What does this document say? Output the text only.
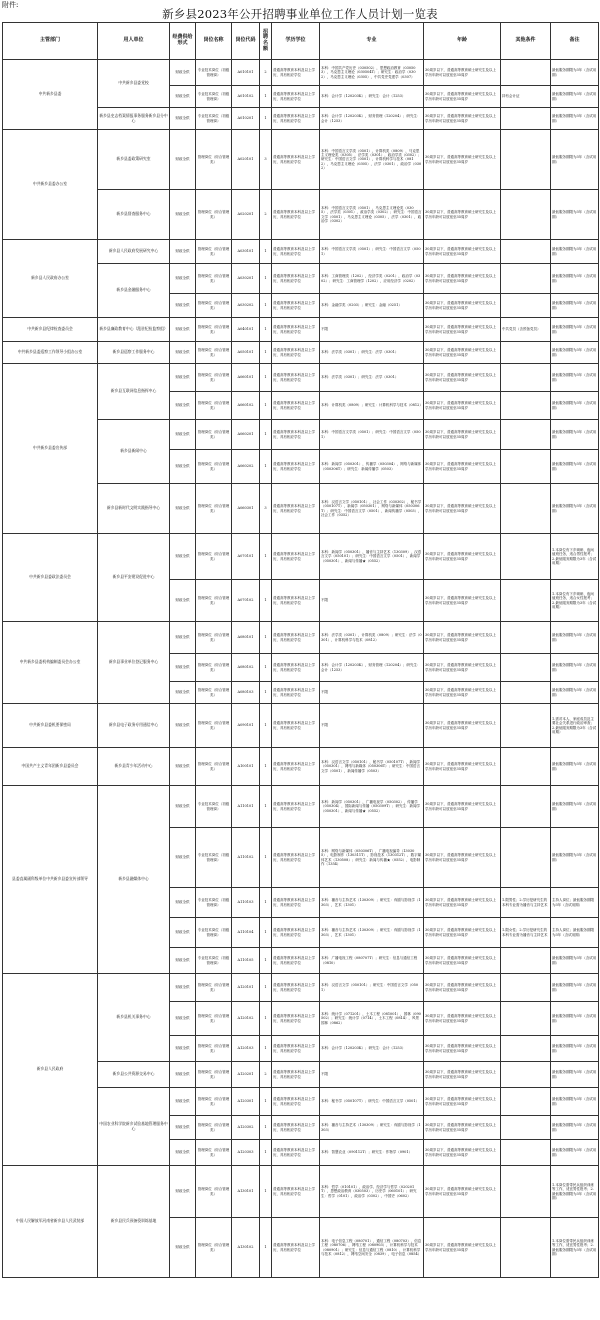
附件:
新乡县2023年公开招聘事业单位工作人员计划一览表
主管部门	用人单位	经费供给形式	岗位名称	岗位代码	招聘名额	学历学位	专业	年龄	其他条件	备注
中共新乡县委	中共新乡县委党校	财政全供	专业技术岗位（初级管理岗）	A010101	2	普通高等教育本科及以上学历，具有相应学位	本科：中国共产党历史（030502），思想政治教育（030503），马克思主义理论（030504T）；研究生：政治学（0302），马克思主义理论（0305），中共党史党建学（0307）	30周岁以下，普通高等教育硕士研究生及以上学历年龄可以放宽至35周岁		最低服务期限为3年（含试用期）
		财政全供	专业技术岗位（初级管理岗）	A010102	1	普通高等教育本科及以上学历，具有相应学位	本科：会计学（120203K）；研究生：会计（1253）	30周岁以下，普通高等教育硕士研究生及以上学历年龄可以放宽至35周岁	持有会计证	最低服务期限为3年（含试用期）
	新乡县史志档案情报事务服务新乡县分中心	财政全供	专业技术岗位（初级管理岗）	A010201	1	普通高等教育本科及以上学历，具有相应学位	本科：会计学（120203K），财务管理（120204）；研究生：会计（1253）	30周岁以下，普通高等教育硕士研究生及以上学历年龄可以放宽至35周岁		最低服务期限为3年（含试用期）
中共新乡县委办公室	新乡县委政策研究室	财政全供	管理岗位（综合管理类）	A020101	3	普通高等教育本科及以上学历，具有相应学位	本科：中国语言文学类（0501），计算机类（0809），马克思主义理论类（0305），法学类（0301），政治学类（0302）；研究生：中国语言文学（0501），计算机科学与技术（0812），马克思主义理论（0305），法学（0301），政治学（0302）	30周岁以下，普通高等教育硕士研究生及以上学历年龄可以放宽至35周岁		最低服务期限为3年（含试用期）
	新乡县督查服务中心	财政全供	管理岗位（综合管理类）	A020201	2	普通高等教育本科及以上学历，具有相应学位	本科：中国语言文学类（0501），马克思主义理论类（0305），法学类（0301），政治学类（0302）；研究生：中国语言文学（0501），马克思主义理论（0305），法学（0301），政治学（0302）	30周岁以下，普通高等教育硕士研究生及以上学历年龄可以放宽至35周岁		最低服务期限为3年（含试用期）
新乡县人民政府办公室	新乡县人民政府发展研究中心	财政全供	管理岗位（综合管理类）	A030101	1	普通高等教育本科及以上学历，具有相应学位	本科：中国语言文学类（0501）；研究生：中国语言文学（0501）	30周岁以下，普通高等教育硕士研究生及以上学历年龄可以放宽至35周岁		最低服务期限为3年（含试用期）
	新乡县金融服务中心	财政全供	管理岗位（综合管理类）	A030201	1	普通高等教育本科及以上学历，具有相应学位	本科：工商管理类（1202），经济学类（0201），政治学（0302）；研究生：工商管理学（1202），应用经济学（0202）	30周岁以下，普通高等教育硕士研究生及以上学历年龄可以放宽至35周岁		最低服务期限为3年（含试用期）
		财政全供	管理岗位（综合管理类）	A030202	1	普通高等教育本科及以上学历，具有相应学位	本科：金融学类（0203）；研究生：金融（0251）	30周岁以下，普通高等教育硕士研究生及以上学历年龄可以放宽至35周岁		最低服务期限为3年（含试用期）
中共新乡县纪律检查委员会	新乡县廉政教育中心（派驻纪检监察组）	财政全供	管理岗位（综合管理类）	A040101	1	普通高等教育本科及以上学历，具有相应学位	不限	30周岁以下，普通高等教育硕士研究生及以上学历年龄可以放宽至35周岁	中共党员（含预备党员）	最低服务期限为3年（含试用期）
中共新乡县委巡察工作领导小组办公室	新乡县巡察工作服务中心	财政全供	管理岗位（综合管理类）	A050101	1	普通高等教育本科及以上学历，具有相应学位	本科：法学类（0301）；研究生：法学（0301）	30周岁以下，普通高等教育硕士研究生及以上学历年龄可以放宽至35周岁		最低服务期限为3年（含试用期）
中共新乡县委宣传部	新乡县互联网信息指挥中心	财政全供	管理岗位（综合管理类）	A060101	1	普通高等教育本科及以上学历，具有相应学位	本科：法学类（0301）；研究生：法学（0301）	30周岁以下，普通高等教育硕士研究生及以上学历年龄可以放宽至35周岁		最低服务期限为3年（含试用期）
		财政全供	管理岗位（综合管理类）	A060102	1	普通高等教育本科及以上学历，具有相应学位	本科：计算机类（0809）；研究生：计算机科学与技术（0812）	30周岁以下，普通高等教育硕士研究生及以上学历年龄可以放宽至35周岁		最低服务期限为3年（含试用期）
	新乡县新闻中心	财政全供	管理岗位（综合管理类）	A060201	1	普通高等教育本科及以上学历，具有相应学位	本科：中国语言文学类（0501）；研究生：中国语言文学（0501）	30周岁以下，普通高等教育硕士研究生及以上学历年龄可以放宽至35周岁		最低服务期限为3年（含试用期）
		财政全供	管理岗位（综合管理类）	A060202	1	普通高等教育本科及以上学历，具有相应学位	本科：新闻学（050301），传播学（050304），网络与新媒体（050306T）；研究生：新闻传播学（0503）	30周岁以下，普通高等教育硕士研究生及以上学历年龄可以放宽至35周岁		最低服务期限为3年（含试用期）
	新乡县新时代文明实践指导中心	财政全供	管理岗位（综合管理类）	A060301	3	普通高等教育本科及以上学历，具有相应学位	本科：汉语言文学（050101），社会工作（030302），秘书学（050107T），新闻学（050301），网络与新媒体（050306T）；研究生：中国语言文学（0501），新闻传播学（0503），社会工作（0352）	30周岁以下，普通高等教育硕士研究生及以上学历年龄可以放宽至35周岁		最低服务期限为3年（含试用期）
中共新乡县委政法委员会	新乡县平安建设促进中心	财政全供	管理岗位（综合管理类）	A070101	1	普通高等教育本科及以上学历，具有相应学位	本科：新闻学（050301），播音与主持艺术（130309），汉语言文学（050101）；研究生：中国语言文学（0501），新闻学（050301），新闻与传播★（0552）	30周岁以下，普通高等教育硕士研究生及以上学历年龄可以放宽至35周岁		1.本岗位有下乡调研、夜间值班任务，适合男性报考；2.最低服务期限为3年（含试用期）
		财政全供	管理岗位（综合管理类）	A070102	1	普通高等教育本科及以上学历，具有相应学位	不限	30周岁以下，普通高等教育硕士研究生及以上学历年龄可以放宽至35周岁		1.本岗位有下乡调研、夜间值班任务，适合女性报考；2.最低服务期限为3年（含试用期）
中共新乡县委机构编制委员会办公室	新乡县事业单位登记服务中心	财政全供	管理岗位（综合管理类）	A080101	1	普通高等教育本科及以上学历，具有相应学位	本科：法学类（0301），计算机类（0809）；研究生：法学（0301），计算机科学与技术（0812）	30周岁以下，普通高等教育硕士研究生及以上学历年龄可以放宽至35周岁		最低服务期限为3年（含试用期）
		财政全供	管理岗位（综合管理类）	A080102	1	普通高等教育本科及以上学历，具有相应学位	本科：会计学（120203K），财务管理（120204）；研究生：会计（1253）	30周岁以下，普通高等教育硕士研究生及以上学历年龄可以放宽至35周岁		最低服务期限为3年（含试用期）
		财政全供	管理岗位（综合管理类）	A080103	1	普通高等教育本科及以上学历，具有相应学位	不限	30周岁以下，普通高等教育硕士研究生及以上学历年龄可以放宽至35周岁		最低服务期限为3年（含试用期）
中共新乡县委机要保密局	新乡县电子政务专用通信中心	财政全供	管理岗位（综合管理类）	A090101	1	普通高等教育本科及以上学历，具有相应学位	不限	30周岁以下，普通高等教育硕士研究生及以上学历年龄可以放宽至35周岁		1.需对本人、家庭成员及主要社会关系进行政治审查；2.最低服务期限为3年（含试用期）
中国共产主义青年团新乡县委员会	新乡县青少年活动中心	财政全供	管理岗位（综合管理类）	A100101	1	普通高等教育本科及以上学历，具有相应学位	本科：汉语言文学（050101），秘书学（050107T），新闻学（050301），网络与新媒体（050306T）；研究生：中国语言文学（0501），新闻传播学（0503）	30周岁以下，普通高等教育硕士研究生及以上学历年龄可以放宽至35周岁		最低服务期限为3年（含试用期）
县委直属副科级单位中共新乡县委宣传部领导	新乡县融媒体中心	财政全供	专业技术岗位（初级管理岗）	A110101	1	普通高等教育本科及以上学历，具有相应学位	本科：新闻学（050301），广播电视学（050302），传播学（050304），国际新闻与传播（050309T）；研究生：新闻学（050301），新闻与传播★（0552）	30周岁以下，普通高等教育硕士研究生及以上学历年龄可以放宽至35周岁		最低服务期限为3年（含试用期）
		财政全供	专业技术岗位（初级管理岗）	A110102	1	普通高等教育本科及以上学历，具有相应学位	本科：网络与新媒体（050306T），广播电视编导（130305），电影制作（130311T），影视技术（130312T），数字媒体艺术（130508）；研究生：新闻与传播★（0552），电影制作（1354）	30周岁以下，普通高等教育硕士研究生及以上学历年龄可以放宽至35周岁		最低服务期限为3年（含试用期）
		财政全供	专业技术岗位（初级管理岗）	A110103	1	普通高等教育本科及以上学历，具有相应学位	本科：播音与主持艺术（130309）；研究生：戏剧与影视学（1303），艺术（1301）	30周岁以下，普通高等教育硕士研究生及以上学历年龄可以放宽至35周岁	1.限男性；2.学历是研究生的本科专业需为播音与主持艺术	主持人岗位；最低服务期限为3年（含试用期）
		财政全供	专业技术岗位（初级管理岗）	A110104	1	普通高等教育本科及以上学历，具有相应学位	本科：播音与主持艺术（130309）；研究生：戏剧与影视学（1303），艺术（1301）	30周岁以下，普通高等教育硕士研究生及以上学历年龄可以放宽至35周岁	1.限女性；2.学历是研究生的本科专业需为播音与主持艺术	主持人岗位；最低服务期限为3年（含试用期）
		财政全供	专业技术岗位（初级管理岗）	A110105	1	普通高等教育本科及以上学历，具有相应学位	本科：广播电视工程（080707T）；研究生：信息与通信工程（0810）	30周岁以下，普通高等教育硕士研究生及以上学历年龄可以放宽至35周岁		最低服务期限为3年（含试用期）
新乡县人民政府	新乡县机关事务中心	财政全供	管理岗位（综合管理类）	A120101	1	普通高等教育本科及以上学历，具有相应学位	本科：汉语言文学（050101）；研究生：中国语言文学（0501）	30周岁以下，普通高等教育硕士研究生及以上学历年龄可以放宽至35周岁		最低服务期限为3年（含试用期）
		财政全供	管理岗位（综合管理类）	A120102	1	普通高等教育本科及以上学历，具有相应学位	本科：统计学（071201），土木工程（081001），园林（090502）；研究生：统计学（0714），土木工程（0814），风景园林（0862）	30周岁以下，普通高等教育硕士研究生及以上学历年龄可以放宽至35周岁		最低服务期限为3年（含试用期）
		财政全供	管理岗位（综合管理类）	A120103	1	普通高等教育本科及以上学历，具有相应学位	本科：会计学（120203K）；研究生：会计（1253）	30周岁以下，普通高等教育硕士研究生及以上学历年龄可以放宽至35周岁		最低服务期限为3年（含试用期）
	新乡县公共资源交易中心	财政全供	管理岗位（综合管理类）	A120201	2	普通高等教育本科及以上学历，具有相应学位	不限	30周岁以下，普通高等教育硕士研究生及以上学历年龄可以放宽至35周岁		最低服务期限为3年（含试用期）
	中国农业科学院新乡试验基地管理服务中心	财政全供	管理岗位（综合管理类）	A120301	1	普通高等教育本科及以上学历，具有相应学位	本科：秘书学（050107T）；研究生：中国语言文学（0501）	30周岁以下，普通高等教育硕士研究生及以上学历年龄可以放宽至35周岁		最低服务期限为3年（含试用期）
		财政全供	管理岗位（综合管理类）	A120302	1	普通高等教育本科及以上学历，具有相应学位	本科：播音与主持艺术（130309）；研究生：戏剧与影视学（1303）	30周岁以下，普通高等教育硕士研究生及以上学历年龄可以放宽至35周岁		最低服务期限为3年（含试用期）
		财政全供	管理岗位（综合管理类）	A120303	1	普通高等教育本科及以上学历，具有相应学位	本科：智慧农业（090112T）；研究生：作物学（0901）	30周岁以下，普通高等教育硕士研究生及以上学历年龄可以放宽至35周岁		最低服务期限为3年（含试用期）
中国人民解放军河南省新乡县人民武装部	新乡县民兵预备役训练基地	财政全供	管理岗位（综合管理类）	A130101	1	普通高等教育本科及以上学历，具有相应学位	本科：哲学（010101），政治学、经济学与哲学（020201T），思想政治教育（030503），历史学（060101）；研究生：哲学（0101），政治学（0302），中国史（0602）	30周岁以下，普通高等教育硕士研究生及以上学历年龄可以放宽至35周岁		1.本岗位需带民兵组织训练等工作，适宜男性报考；2.最低服务期限为3年（含试用期）
		财政全供	管理岗位（综合管理类）	A130102	1	普通高等教育本科及以上学历，具有相应学位	本科：电子信息工程（080701），通信工程（080703），信息工程（080706），网络工程（080903），计算机科学与技术（080901）；研究生：信息与通信工程（0810），计算机科学与技术（0812），网络空间安全（0839），电子信息（0854）	30周岁以下，普通高等教育硕士研究生及以上学历年龄可以放宽至35周岁		1.本岗位需带民兵组织训练等工作，适宜男性报考；2.最低服务期限为3年（含试用期）
